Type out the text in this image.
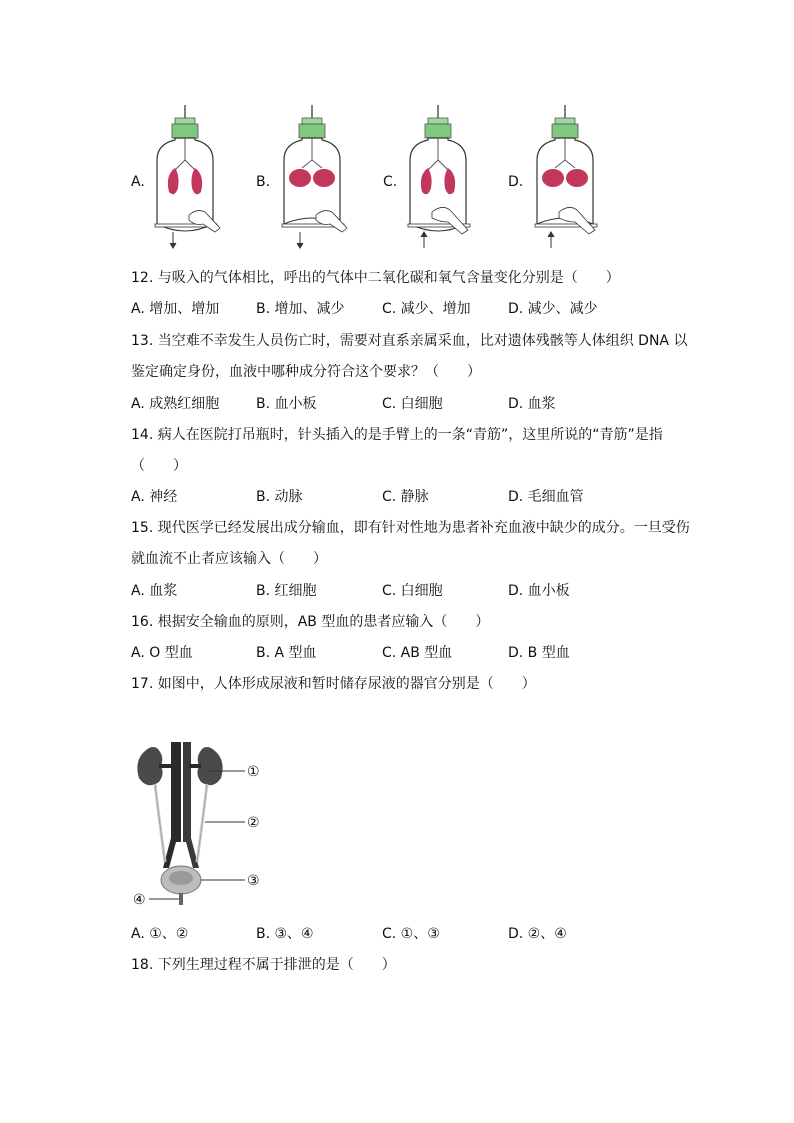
A.	B.	C.	D.
12. 与吸入的气体相比，呼出的气体中二氧化碳和氧气含量变化分别是（　　）
A. 增加、增加	B. 增加、减少	C. 减少、增加	D. 减少、减少
13. 当空难不幸发生人员伤亡时，需要对直系亲属采血，比对遗体残骸等人体组织 DNA 以
鉴定确定身份，血液中哪种成分符合这个要求？（　　）
A. 成熟红细胞	B. 血小板	C. 白细胞	D. 血浆
14. 病人在医院打吊瓶时，针头插入的是手臂上的一条“青筋”，这里所说的“青筋”是指
（　　）
A. 神经	B. 动脉	C. 静脉	D. 毛细血管
15. 现代医学已经发展出成分输血，即有针对性地为患者补充血液中缺少的成分。一旦受伤
就血流不止者应该输入（　　）
A. 血浆	B. 红细胞	C. 白细胞	D. 血小板
16. 根据安全输血的原则，AB 型血的患者应输入（　　）
A. O 型血	B. A 型血	C. AB 型血	D. B 型血
17. 如图中，人体形成尿液和暂时储存尿液的器官分别是（　　）
①
②
③
④
A. ①、②	B. ③、④	C. ①、③	D. ②、④
18. 下列生理过程不属于排泄的是（　　）
